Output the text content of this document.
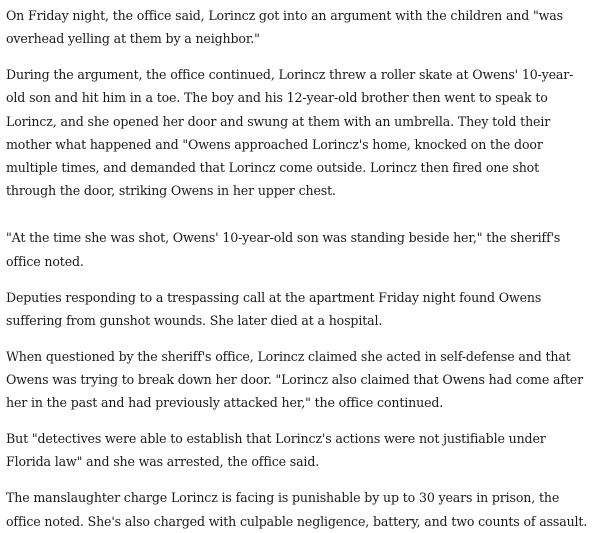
On Friday night, the office said, Lorincz got into an argument with the children and "was overhead yelling at them by a neighbor."

During the argument, the office continued, Lorincz threw a roller skate at Owens' 10-year-old son and hit him in a toe. The boy and his 12-year-old brother then went to speak to Lorincz, and she opened her door and swung at them with an umbrella. They told their mother what happened and "Owens approached Lorincz's home, knocked on the door multiple times, and demanded that Lorincz come outside. Lorincz then fired one shot through the door, striking Owens in her upper chest.

"At the time she was shot, Owens' 10-year-old son was standing beside her," the sheriff's office noted.

Deputies responding to a trespassing call at the apartment Friday night found Owens suffering from gunshot wounds. She later died at a hospital.

When questioned by the sheriff's office, Lorincz claimed she acted in self-defense and that Owens was trying to break down her door. "Lorincz also claimed that Owens had come after her in the past and had previously attacked her," the office continued.

But "detectives were able to establish that Lorincz's actions were not justifiable under Florida law" and she was arrested, the office said.

The manslaughter charge Lorincz is facing is punishable by up to 30 years in prison, the office noted. She's also charged with culpable negligence, battery, and two counts of assault.
